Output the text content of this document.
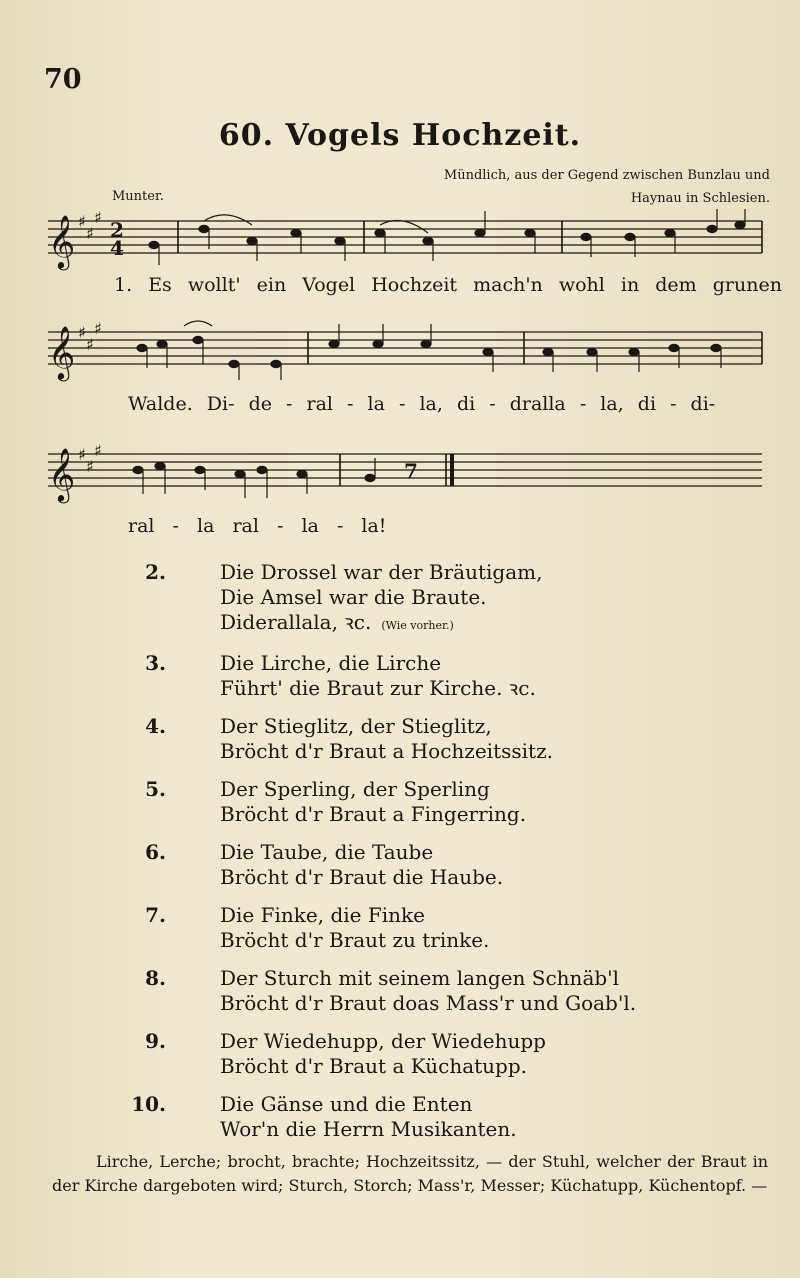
70
60. Vogels Hochzeit.
Mündlich, aus der Gegend zwischen Bunzlau und
Haynau in Schlesien.
Munter.
𝄞 ♯
♯
♯
2
4
1. Es wollt' ein Vogel Hochzeit mach'n wohl in dem grunen
𝄞 ♯
♯
♯
Walde. Di- de - ral - la - la, di - dralla - la, di - di-
𝄞 ♯
♯
♯
7
ral - la ral - la - la!
2.	Die Drossel war der Bräutigam,
Die Amsel war die Braute.
Diderallala, ꝛc. (Wie vorher.)
3.	Die Lirche, die Lirche
Führt' die Braut zur Kirche. ꝛc.
4.	Der Stieglitz, der Stieglitz,
Bröcht d'r Braut a Hochzeitssitz.
5.	Der Sperling, der Sperling
Bröcht d'r Braut a Fingerring.
6.	Die Taube, die Taube
Bröcht d'r Braut die Haube.
7.	Die Finke, die Finke
Bröcht d'r Braut zu trinke.
8.	Der Sturch mit seinem langen Schnäb'l
Bröcht d'r Braut doas Mass'r und Goab'l.
9.	Der Wiedehupp, der Wiedehupp
Bröcht d'r Braut a Küchatupp.
10.	Die Gänse und die Enten
Wor'n die Herrn Musikanten.
Lirche, Lerche; brocht, brachte; Hochzeitssitz, — der Stuhl, welcher der Braut in der Kirche dargeboten wird; Sturch, Storch; Mass'r, Messer; Küchatupp, Küchentopf. —
